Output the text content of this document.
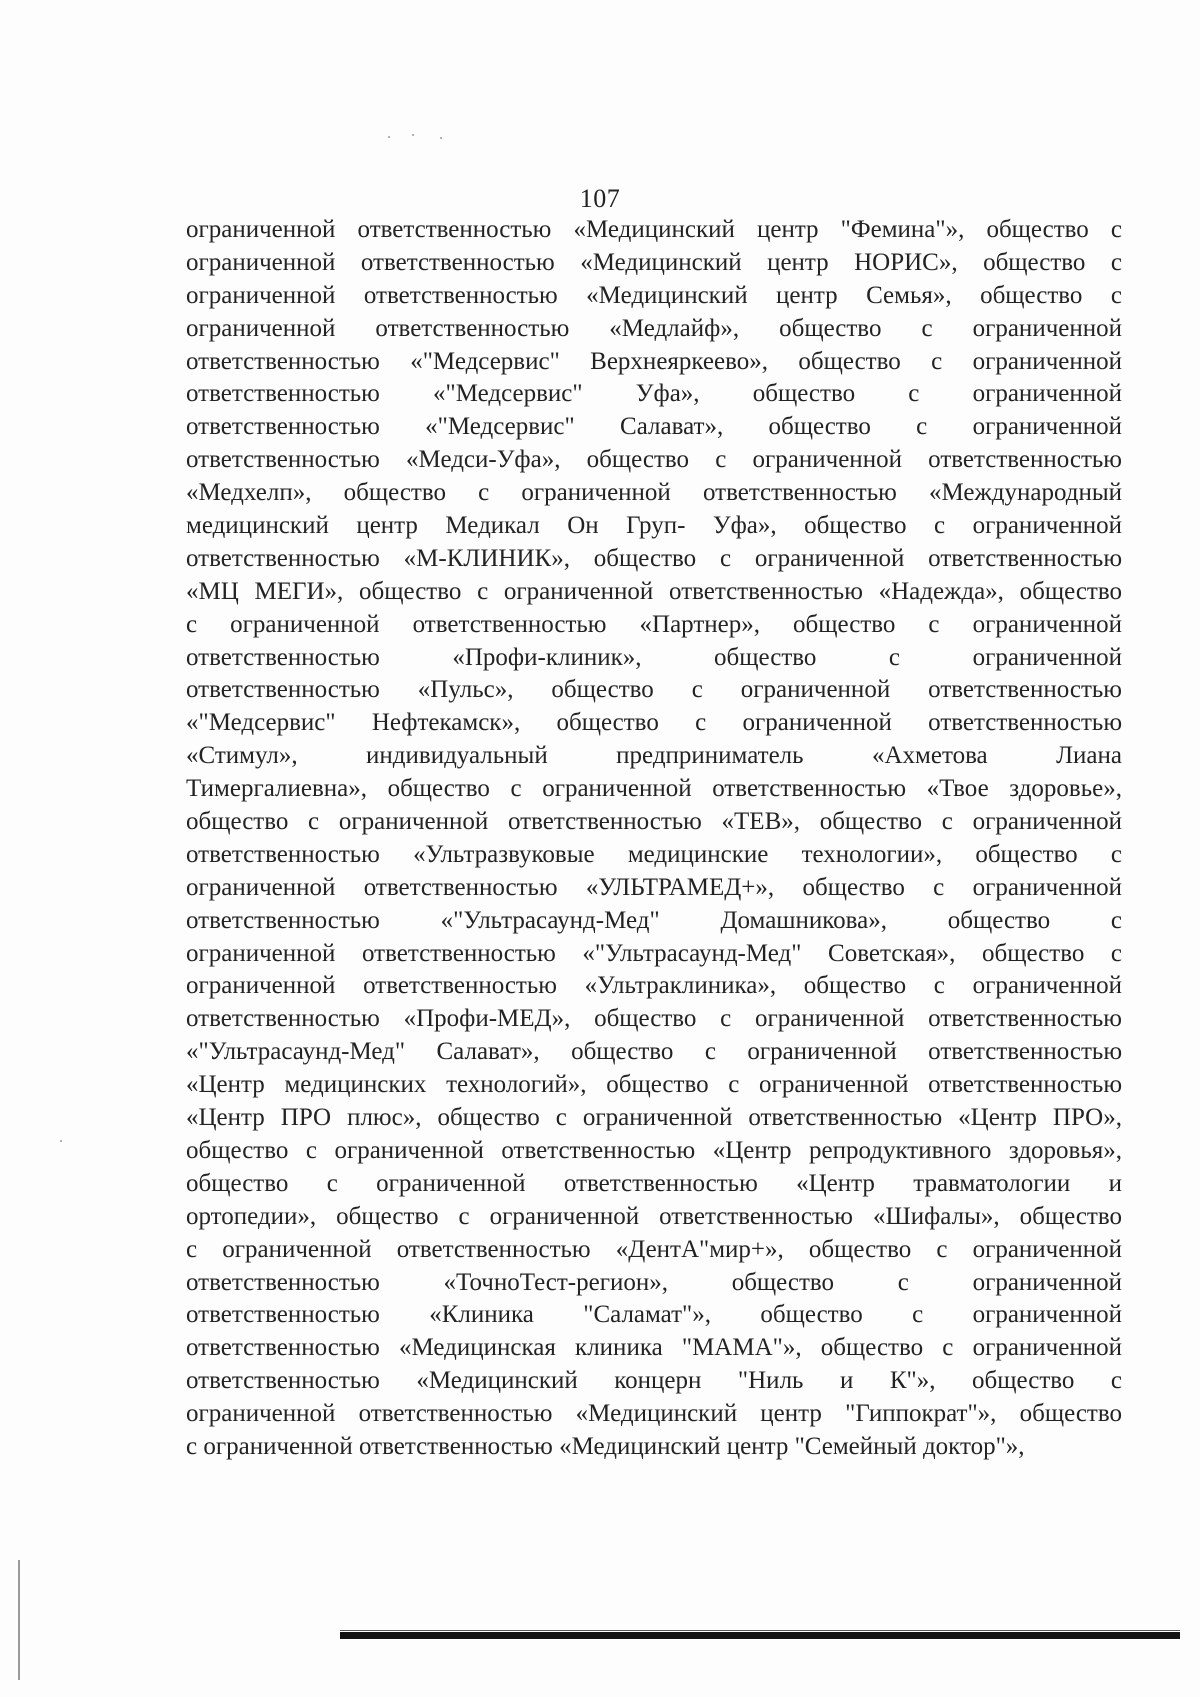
107
ограниченной ответственностью «Медицинский центр "Фемина"», общество с
ограниченной ответственностью «Медицинский центр НОРИС», общество с
ограниченной ответственностью «Медицинский центр Семья», общество с
ограниченной ответственностью «Медлайф», общество с ограниченной
ответственностью «"Медсервис" Верхнеяркеево», общество с ограниченной
ответственностью «"Медсервис" Уфа», общество с ограниченной
ответственностью «"Медсервис" Салават», общество с ограниченной
ответственностью «Медси-Уфа», общество с ограниченной ответственностью
«Медхелп», общество с ограниченной ответственностью «Международный
медицинский центр Медикал Он Груп- Уфа», общество с ограниченной
ответственностью «М-КЛИНИК», общество с ограниченной ответственностью
«МЦ МЕГИ», общество с ограниченной ответственностью «Надежда», общество
с ограниченной ответственностью «Партнер», общество с ограниченной
ответственностью «Профи-клиник», общество с ограниченной
ответственностью «Пульс», общество с ограниченной ответственностью
«"Медсервис" Нефтекамск», общество с ограниченной ответственностью
«Стимул», индивидуальный предприниматель «Ахметова Лиана
Тимергалиевна», общество с ограниченной ответственностью «Твое здоровье»,
общество с ограниченной ответственностью «ТЕВ», общество с ограниченной
ответственностью «Ультразвуковые медицинские технологии», общество с
ограниченной ответственностью «УЛЬТРАМЕД+», общество с ограниченной
ответственностью «"Ультрасаунд-Мед" Домашникова», общество с
ограниченной ответственностью «"Ультрасаунд-Мед" Советская», общество с
ограниченной ответственностью «Ультраклиника», общество с ограниченной
ответственностью «Профи-МЕД», общество с ограниченной ответственностью
«"Ультрасаунд-Мед" Салават», общество с ограниченной ответственностью
«Центр медицинских технологий», общество с ограниченной ответственностью
«Центр ПРО плюс», общество с ограниченной ответственностью «Центр ПРО»,
общество с ограниченной ответственностью «Центр репродуктивного здоровья»,
общество с ограниченной ответственностью «Центр травматологии и
ортопедии», общество с ограниченной ответственностью «Шифалы», общество
с ограниченной ответственностью «ДентА"мир+», общество с ограниченной
ответственностью «ТочноТест-регион», общество с ограниченной
ответственностью «Клиника "Саламат"», общество с ограниченной
ответственностью «Медицинская клиника "МАМА"», общество с ограниченной
ответственностью «Медицинский концерн "Ниль и К"», общество с
ограниченной ответственностью «Медицинский центр "Гиппократ"», общество
с ограниченной ответственностью «Медицинский центр "Семейный доктор"»,
